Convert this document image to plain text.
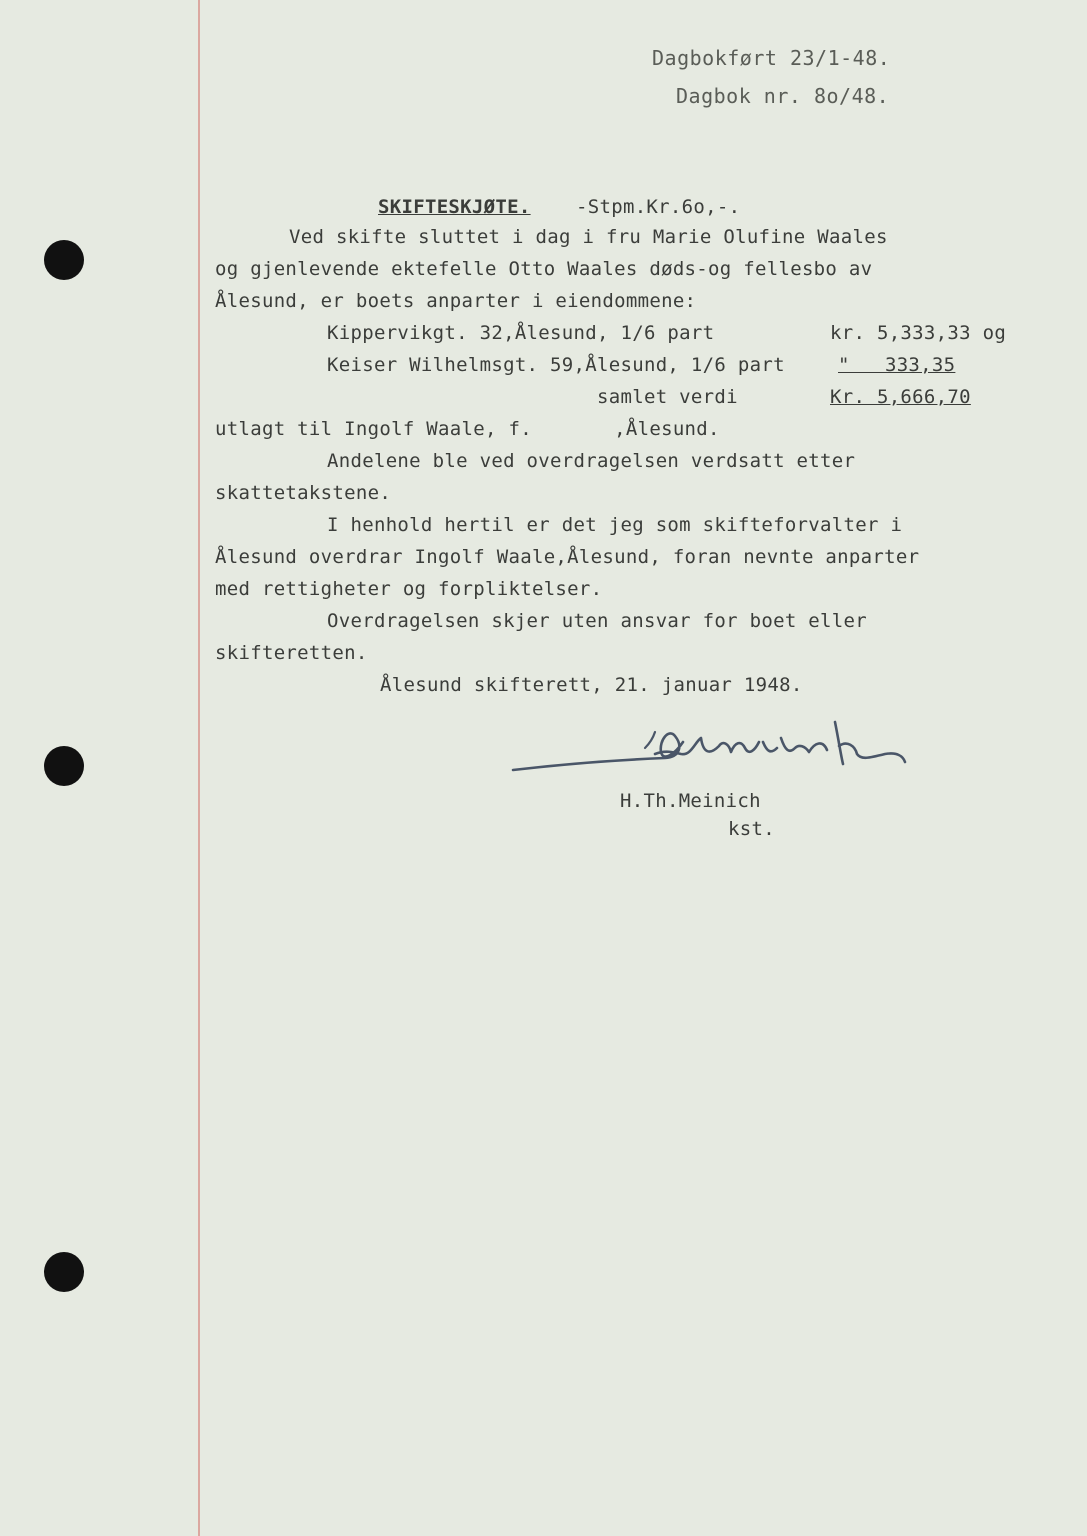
Dagbokført 23/1-48.
Dagbok nr. 8o/48.
SKIFTESKJØTE. -Stpm.Kr.6o,-.
Ved skifte sluttet i dag i fru Marie Olufine Waales
og gjenlevende ektefelle Otto Waales døds-og fellesbo av
Ålesund, er boets anparter i eiendommene:
Kippervikgt. 32,Ålesund, 1/6 part	kr. 5,333,33 og
Keiser Wilhelmsgt. 59,Ålesund, 1/6 part	"   333,35
samlet verdi	Kr. 5,666,70
utlagt til Ingolf Waale, f.       ,Ålesund.
Andelene ble ved overdragelsen verdsatt etter
skattetakstene.
I henhold hertil er det jeg som skifteforvalter i
Ålesund overdrar Ingolf Waale,Ålesund, foran nevnte anparter
med rettigheter og forpliktelser.
Overdragelsen skjer uten ansvar for boet eller
skifteretten.
Ålesund skifterett, 21. januar 1948.
H.Th.Meinich
kst.
